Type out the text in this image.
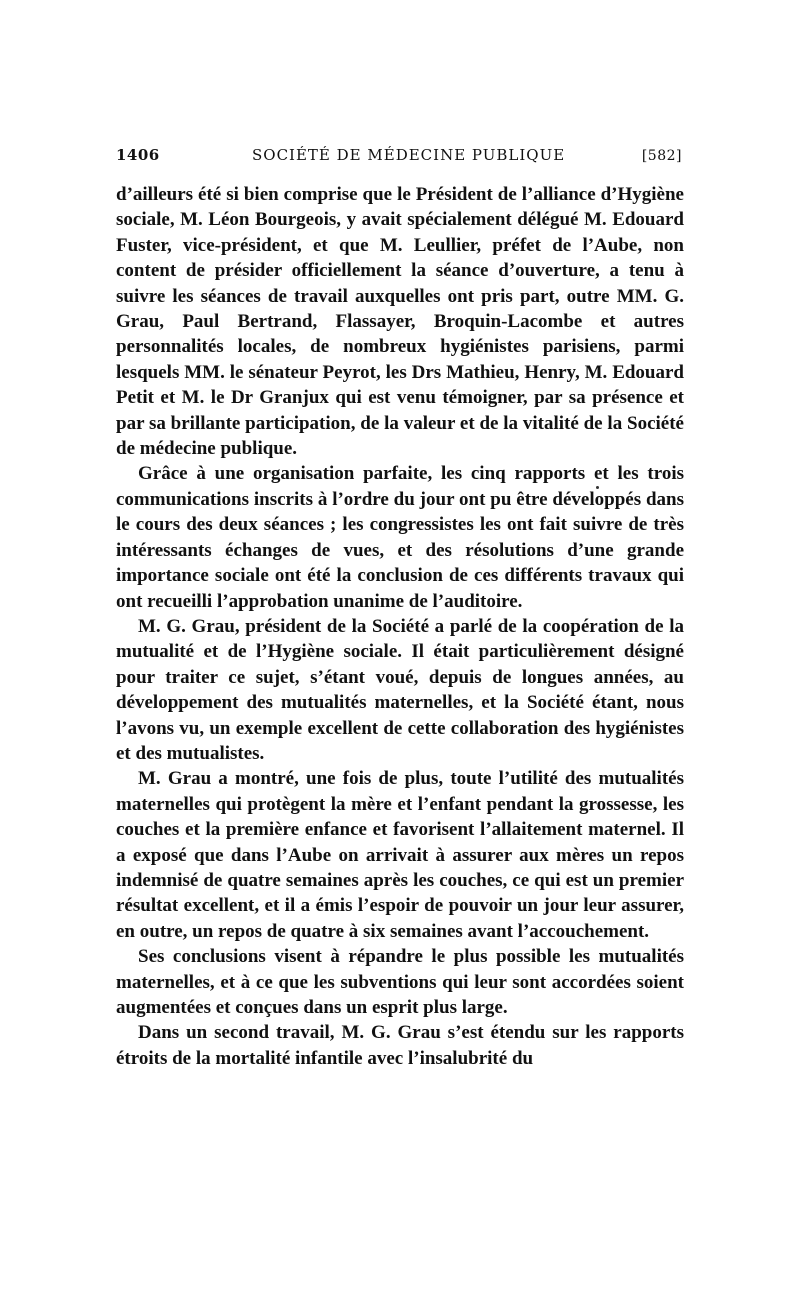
1406	SOCIÉTÉ DE MÉDECINE PUBLIQUE	[582]

d’ailleurs été si bien comprise que le Président de l’alliance d’Hygiène sociale, M. Léon Bourgeois, y avait spécialement délégué M. Edouard Fuster, vice-président, et que M. Leullier, préfet de l’Aube, non content de présider officiellement la séance d’ouverture, a tenu à suivre les séances de travail auxquelles ont pris part, outre MM. G. Grau, Paul Bertrand, Flassayer, Broquin-Lacombe et autres personnalités locales, de nombreux hygiénistes parisiens, parmi lesquels MM. le sénateur Peyrot, les Drs Mathieu, Henry, M. Edouard Petit et M. le Dr Granjux qui est venu témoigner, par sa présence et par sa brillante participation, de la valeur et de la vitalité de la Société de médecine publique.

Grâce à une organisation parfaite, les cinq rapports et les trois communications inscrits à l’ordre du jour ont pu être développés dans le cours des deux séances ; les congressistes les ont fait suivre de très intéressants échanges de vues, et des résolutions d’une grande importance sociale ont été la conclusion de ces différents travaux qui ont recueilli l’approbation unanime de l’auditoire.

M. G. Grau, président de la Société a parlé de la coopération de la mutualité et de l’Hygiène sociale. Il était particulièrement désigné pour traiter ce sujet, s’étant voué, depuis de longues années, au développement des mutualités maternelles, et la Société étant, nous l’avons vu, un exemple excellent de cette collaboration des hygiénistes et des mutualistes.

M. Grau a montré, une fois de plus, toute l’utilité des mutualités maternelles qui protègent la mère et l’enfant pendant la grossesse, les couches et la première enfance et favorisent l’allaitement maternel. Il a exposé que dans l’Aube on arrivait à assurer aux mères un repos indemnisé de quatre semaines après les couches, ce qui est un premier résultat excellent, et il a émis l’espoir de pouvoir un jour leur assurer, en outre, un repos de quatre à six semaines avant l’accouchement.

Ses conclusions visent à répandre le plus possible les mutualités maternelles, et à ce que les subventions qui leur sont accordées soient augmentées et conçues dans un esprit plus large.

Dans un second travail, M. G. Grau s’est étendu sur les rapports étroits de la mortalité infantile avec l’insalubrité du
